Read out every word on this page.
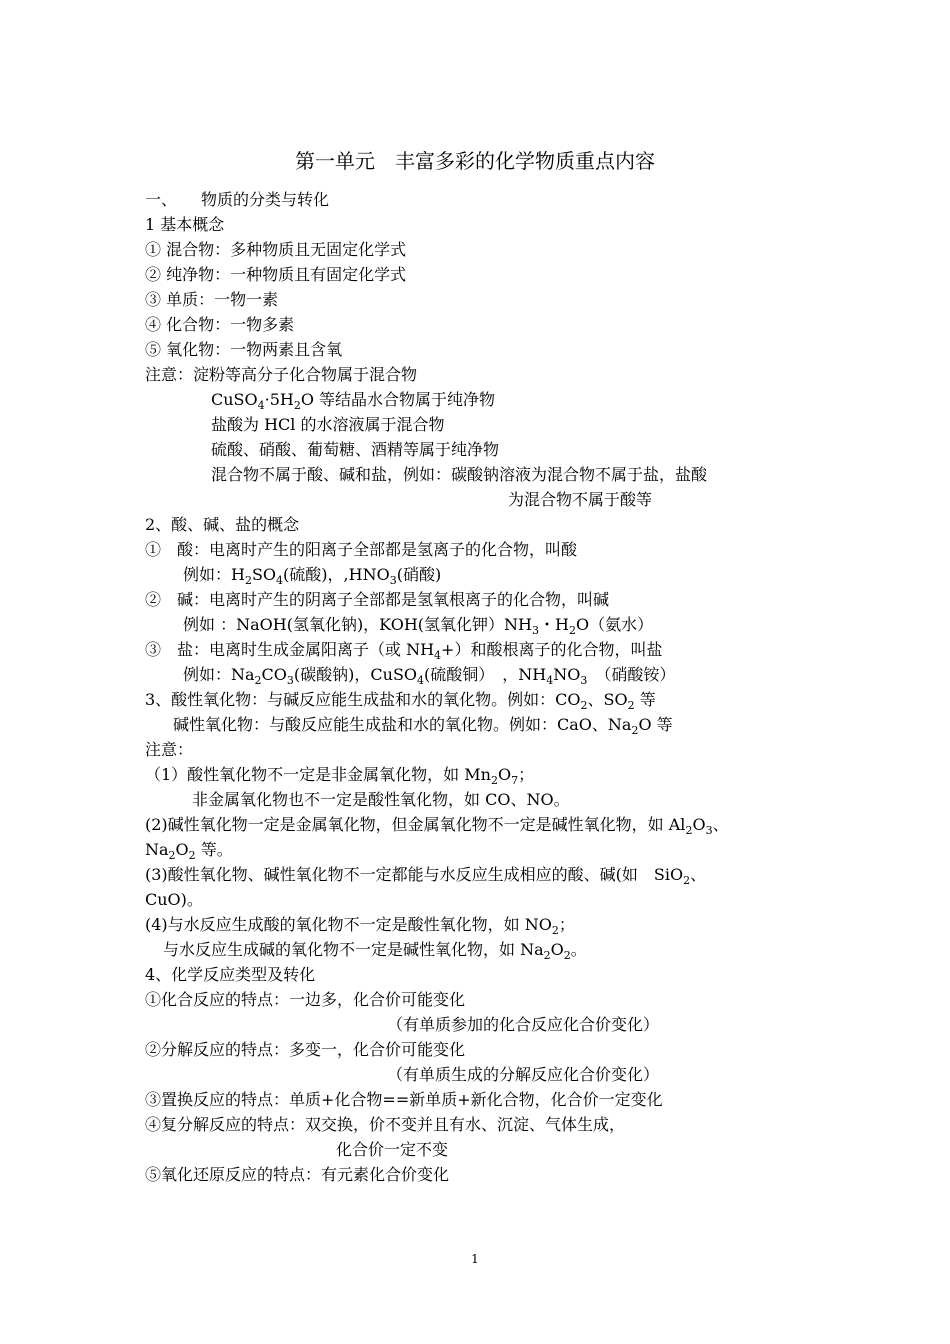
第一单元　丰富多彩的化学物质重点内容
一、　　物质的分类与转化
1 基本概念
① 混合物：多种物质且无固定化学式
② 纯净物：一种物质且有固定化学式
③ 单质：一物一素
④ 化合物：一物多素
⑤ 氧化物：一物两素且含氧
注意：淀粉等高分子化合物属于混合物
$CuSO_4\cdot 5H_2O$ 等结晶水合物属于纯净物
盐酸为 HCl 的水溶液属于混合物
硫酸、硝酸、葡萄糖、酒精等属于纯净物
混合物不属于酸、碱和盐，例如：碳酸钠溶液为混合物不属于盐，盐酸
为混合物不属于酸等
2、酸、碱、盐的概念
①　酸：电离时产生的阳离子全部都是氢离子的化合物，叫酸
例如：$H_2SO_4$(硫酸)，$,HNO_3$(硝酸)
②　碱：电离时产生的阴离子全部都是氢氧根离子的化合物，叫碱
例如 ：NaOH(氢氧化钠)，KOH(氢氧化钾）$NH_3$・$H_2O$（氨水）
③　盐：电离时生成金属阳离子（或 $NH_4+$）和酸根离子的化合物，叫盐
例如：$Na_2CO_3$(碳酸钠)，CuSO$_4$(硫酸铜）　，$NH_4NO_3$　（硝酸铵）
3、酸性氧化物：与碱反应能生成盐和水的氧化物。例如：$CO_2$、$SO_2$ 等
碱性氧化物：与酸反应能生成盐和水的氧化物。例如：CaO、$Na_2O$ 等
注意：
（1）酸性氧化物不一定是非金属氧化物，如 $Mn_2O_7$；
非金属氧化物也不一定是酸性氧化物，如 CO、NO。
(2)碱性氧化物一定是金属氧化物，但金属氧化物不一定是碱性氧化物，如 $Al_2O_3$、
$Na_2O_2$ 等。
(3)酸性氧化物、碱性氧化物不一定都能与水反应生成相应的酸、碱(如　SiO$_2$、
CuO)。
(4)与水反应生成酸的氧化物不一定是酸性氧化物，如 $NO_2$；
与水反应生成碱的氧化物不一定是碱性氧化物，如 $Na_2O_2$。
4、化学反应类型及转化
①化合反应的特点：一边多，化合价可能变化
（有单质参加的化合反应化合价变化）
②分解反应的特点：多变一，化合价可能变化
（有单质生成的分解反应化合价变化）
③置换反应的特点：单质+化合物==新单质+新化合物，化合价一定变化
④复分解反应的特点：双交换，价不变并且有水、沉淀、气体生成，
化合价一定不变
⑤氧化还原反应的特点：有元素化合价变化
1
